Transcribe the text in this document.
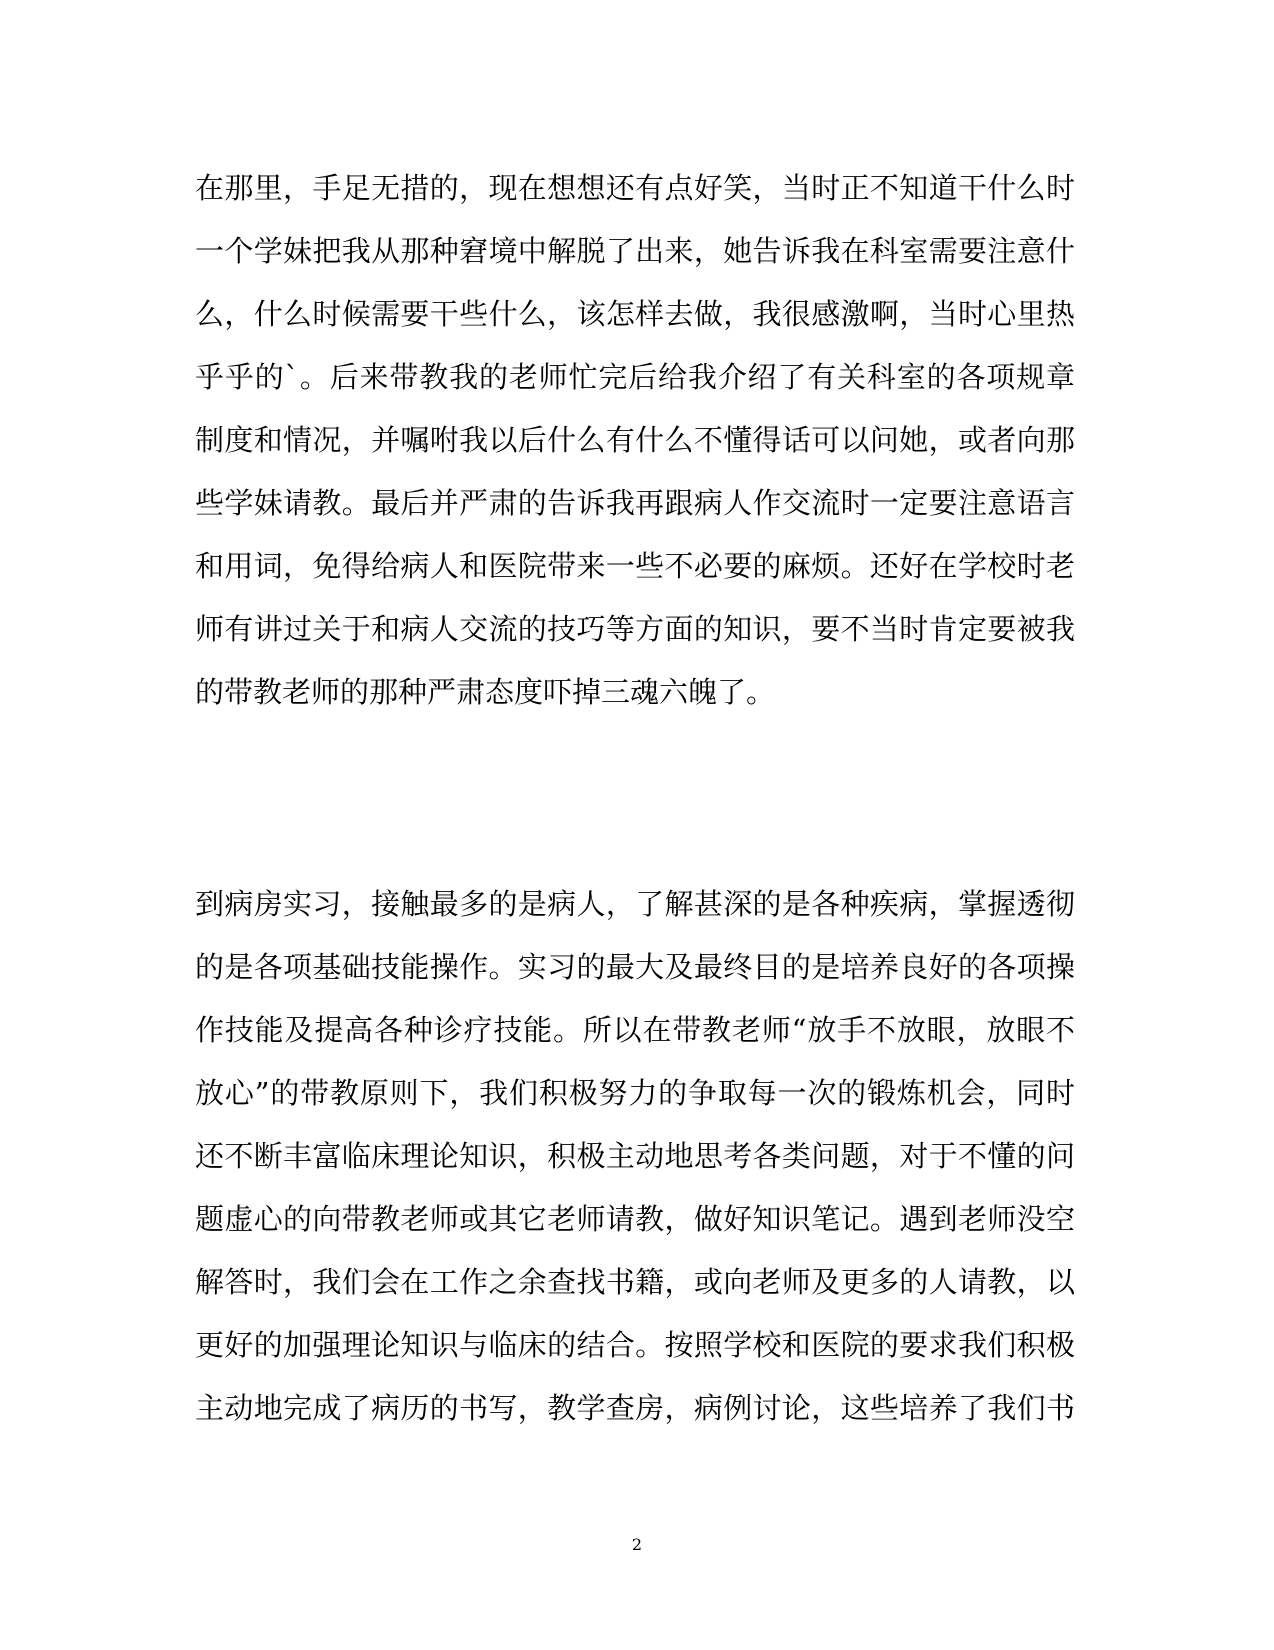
在那里，手足无措的，现在想想还有点好笑，当时正不知道干什么时
一个学妹把我从那种窘境中解脱了出来，她告诉我在科室需要注意什
么，什么时候需要干些什么，该怎样去做，我很感激啊，当时心里热
乎乎的`。后来带教我的老师忙完后给我介绍了有关科室的各项规章
制度和情况，并嘱咐我以后什么有什么不懂得话可以问她，或者向那
些学妹请教。最后并严肃的告诉我再跟病人作交流时一定要注意语言
和用词，免得给病人和医院带来一些不必要的麻烦。还好在学校时老
师有讲过关于和病人交流的技巧等方面的知识，要不当时肯定要被我
的带教老师的那种严肃态度吓掉三魂六魄了。
到病房实习，接触最多的是病人，了解甚深的是各种疾病，掌握透彻
的是各项基础技能操作。实习的最大及最终目的是培养良好的各项操
作技能及提高各种诊疗技能。所以在带教老师“放手不放眼，放眼不
放心”的带教原则下，我们积极努力的争取每一次的锻炼机会，同时
还不断丰富临床理论知识，积极主动地思考各类问题，对于不懂的问
题虚心的向带教老师或其它老师请教，做好知识笔记。遇到老师没空
解答时，我们会在工作之余查找书籍，或向老师及更多的人请教，以
更好的加强理论知识与临床的结合。按照学校和医院的要求我们积极
主动地完成了病历的书写，教学查房，病例讨论，这些培养了我们书
2
